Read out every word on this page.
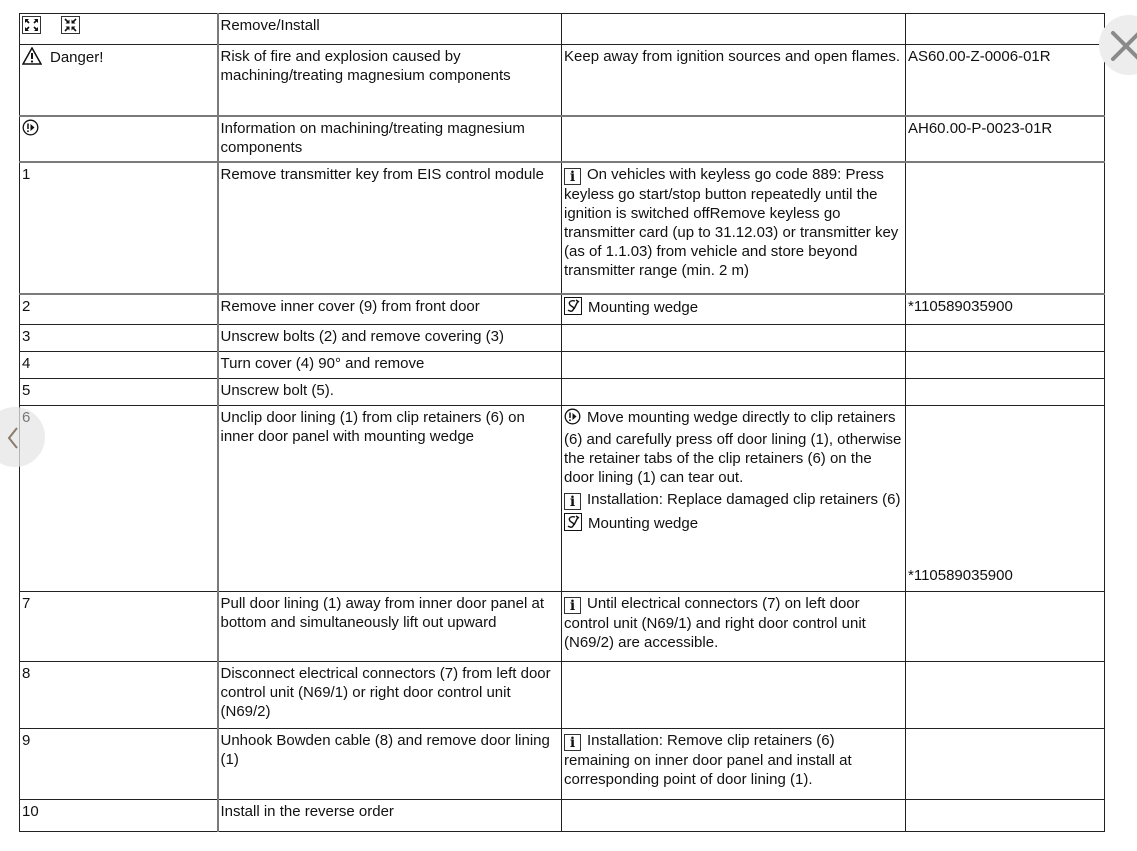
	Remove/Install		
Danger!	Risk of fire and explosion caused by machining/treating magnesium components	Keep away from ignition sources and open flames.	AS60.00-Z-0006-01R
	Information on machining/treating magnesium components		AH60.00-P-0023-01R
1	Remove transmitter key from EIS control module	i On vehicles with keyless go code 889: Press keyless go start/stop button repeatedly until the ignition is switched offRemove keyless go transmitter card (up to 31.12.03) or transmitter key (as of 1.1.03) from vehicle and store beyond transmitter range (min. 2 m)	

2	Remove inner cover (9) from front door	Mounting wedge	*110589035900
3	Unscrew bolts (2) and remove covering (3)		
4	Turn cover (4) 90° and remove		
5	Unscrew bolt (5).		
6	Unclip door lining (1) from clip retainers (6) on inner door panel with mounting wedge	Move mounting wedge directly to clip retainers (6) and carefully press off door lining (1), otherwise the retainer tabs of the clip retainers (6) on the door lining (1) can tear out.
i Installation: Replace damaged clip retainers (6)
Mounting wedge	*110589035900
7	Pull door lining (1) away from inner door panel at bottom and simultaneously lift out upward	i Until electrical connectors (7) on left door control unit (N69/1) and right door control unit (N69/2) are accessible.	

8	Disconnect electrical connectors (7) from left door control unit (N69/1) or right door control unit (N69/2)		
9	Unhook Bowden cable (8) and remove door lining (1)	i Installation: Remove clip retainers (6) remaining on inner door panel and install at corresponding point of door lining (1).	

10	Install in the reverse order		
